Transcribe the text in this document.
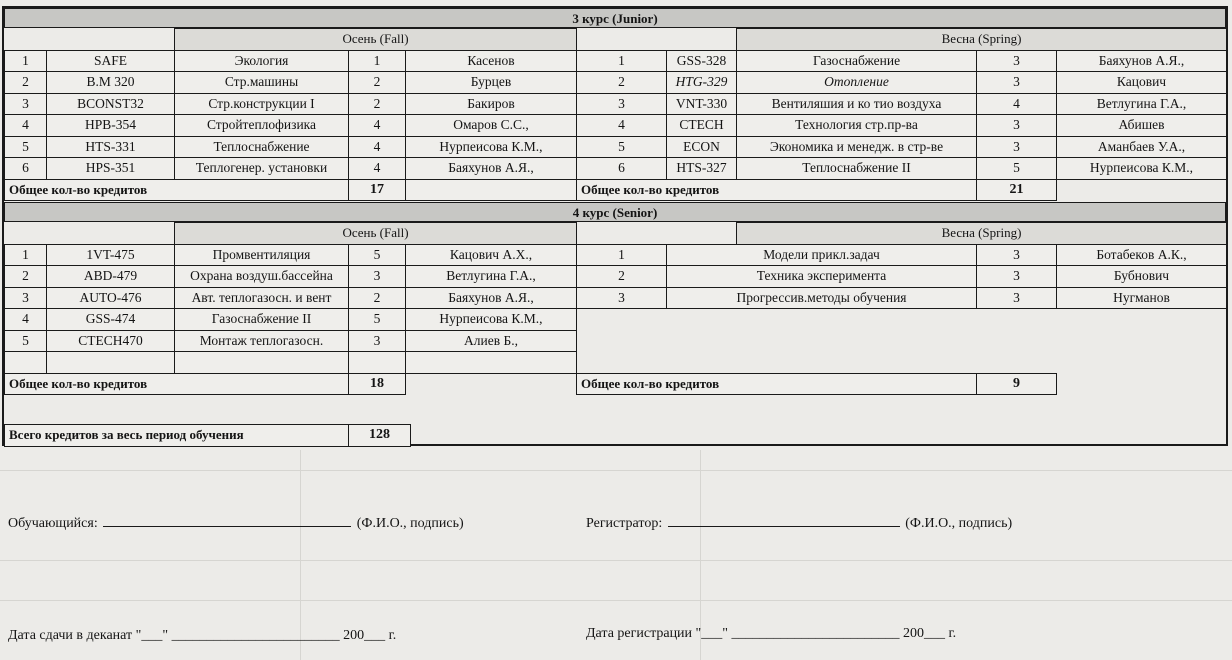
3 курс (Junior)
		Осень (Fall)		
1	SAFE	Экология	1	Касенов
2	B.M 320	Стр.машины	2	Бурцев
3	BCONST32	Стр.конструкции I	2	Бакиров
4	HPB-354	Стройтеплофизика	4	Омаров С.С.,
5	HTS-331	Теплоснабжение	4	Нурпеисова К.М.,
6	HPS-351	Теплогенер. установки	4	Баяхунов А.Я.,
Общее кол-во кредитов			17	
		Весна (Spring)		
1	GSS-328	Газоснабжение	3	Баяхунов А.Я.,
2	HTG-329	Отопление	3	Кацович
3	VNT-330	Вентиляшия и ко тио воздуха	4	Ветлугина Г.А.,
4	CTECH	Технология стр.пр-ва	3	Абишев
5	ECON	Экономика и менедж. в стр-ве	3	Аманбаев У.А.,
6	HTS-327	Теплоснабжение II	5	Нурпеисова К.М.,
Общее кол-во кредитов			21	
4 курс (Senior)
		Осень (Fall)		
1	1VT-475	Промвентиляция	5	Кацович А.Х.,
2	ABD-479	Охрана воздуш.бассейна	3	Ветлугина Г.А.,
3	AUTO-476	Авт. теплогазосн. и вент	2	Баяхунов А.Я.,
4	GSS-474	Газоснабжение II	5	Нурпеисова К.М.,
5	CTECH470	Монтаж теплогазосн.	3	Алиев Б.,

Общее кол-во кредитов			18	
		Весна (Spring)		
1	Модели прикл.задач		3	Ботабеков А.К.,
2	Техника эксперимента		3	Бубнович
3	Прогрессив.методы обучения		3	Нугманов

Общее кол-во кредитов			9	
Всего кредитов за весь период обучения	128
Обучающийся:	(Ф.И.О., подпись)	Регистратор:	(Ф.И.О., подпись)
Дата сдачи в деканат "___" ________________________ 200___ г.	Дата регистрации "___" ________________________ 200___ г.
